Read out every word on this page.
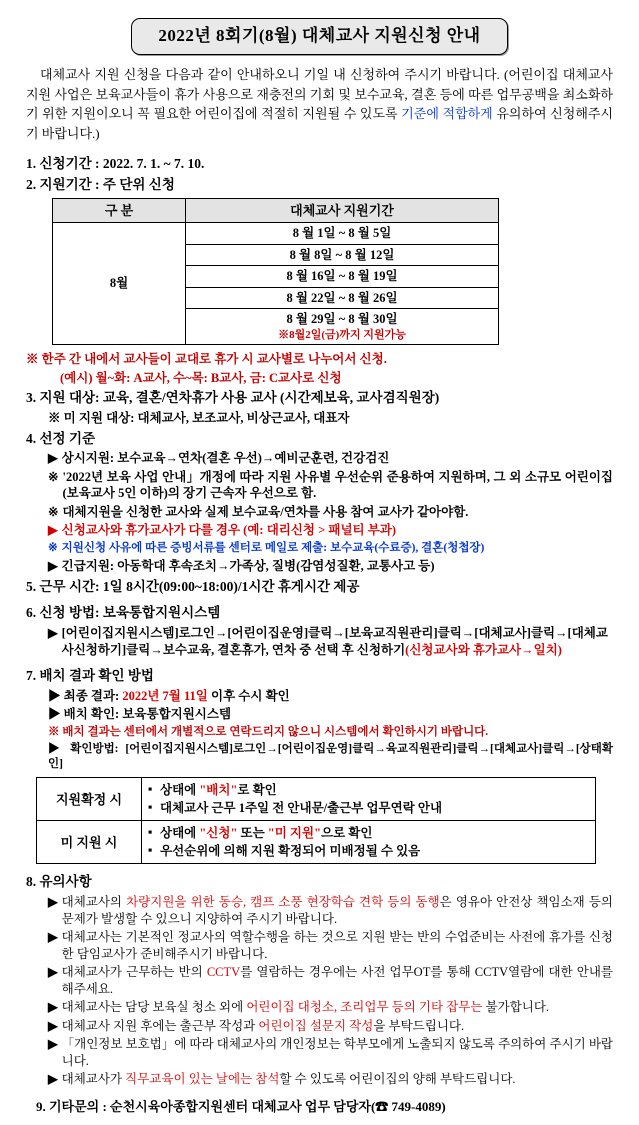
2022년 8회기(8월) 대체교사 지원신청 안내
대체교사 지원 신청을 다음과 같이 안내하오니 기일 내 신청하여 주시기 바랍니다. (어린이집 대체교사지원 사업은 보육교사들이 휴가 사용으로 재충전의 기회 및 보수교육, 결혼 등에 따른 업무공백을 최소화하기 위한 지원이오니 꼭 필요한 어린이집에 적절히 지원될 수 있도록 기준에 적합하게 유의하여 신청해주시기 바랍니다.)
1. 신청기간 : 2022. 7. 1. ~ 7. 10.
2. 지원기간 : 주 단위 신청
구 분	대체교사 지원기간
8월	8 월 1일 ~ 8 월 5일
	8 월 8일 ~ 8 월 12일
	8 월 16일 ~ 8 월 19일
	8 월 22일 ~ 8 월 26일
	8 월 29일 ~ 8 월 30일
※8월2일(금)까지 지원가능
※ 한주 간 내에서 교사들이 교대로 휴가 시 교사별로 나누어서 신청.
(예시) 월~화: A교사, 수~목: B교사, 금: C교사로 신청
3. 지원 대상: 교육, 결혼/연차휴가 사용 교사 (시간제보육, 교사겸직원장)
※ 미 지원 대상: 대체교사, 보조교사, 비상근교사, 대표자
4. 선정 기준
▶ 상시지원: 보수교육→연차(결혼 우선)→예비군훈련, 건강검진
※ '2022년 보육 사업 안내」개정에 따라 지원 사유별 우선순위 준용하여 지원하며, 그 외 소규모 어린이집(보육교사 5인 이하)의 장기 근속자 우선으로 함.
※ 대체지원을 신청한 교사와 실제 보수교육/연차를 사용 참여 교사가 같아야함.
▶ 신청교사와 휴가교사가 다를 경우 (예: 대리신청 > 패널티 부과)
※ 지원신청 사유에 따른 증빙서류를 센터로 메일로 제출: 보수교육(수료증), 결혼(청첩장)
▶ 긴급지원: 아동학대 후속조치→가족상, 질병(감염성질환, 교통사고 등)
5. 근무 시간: 1일 8시간(09:00~18:00)/1시간 휴게시간 제공
6. 신청 방법: 보육통합지원시스템
▶ [어린이집지원시스템]로그인→[어린이집운영]클릭→[보육교직원관리]클릭→[대체교사]클릭→[대체교사신청하기]클릭→보수교육, 결혼휴가, 연차 중 선택 후 신청하기(신청교사와 휴가교사→일치)
7. 배치 결과 확인 방법
▶ 최종 결과: 2022년 7월 11일 이후 수시 확인
▶ 배치 확인: 보육통합지원시스템
※ 배치 결과는 센터에서 개별적으로 연락드리지 않으니 시스템에서 확인하시기 바랍니다.
▶ 확인방법: [어린이집지원시스템]로그인→[어린이집운영]클릭→육교직원관리]클릭→[대체교사]클릭→[상태확인]
지원확정 시	
▪ 상태에 "배치"로 확인
▪ 대체교사 근무 1주일 전 안내문/출근부 업무연락 안내

미 지원 시	
▪ 상태에 "신청" 또는 "미 지원"으로 확인
▪ 우선순위에 의해 지원 확정되어 미배정될 수 있음
8. 유의사항
▶ 대체교사의 차량지원을 위한 동승, 캠프 소풍 현장학습 견학 등의 동행은 영유아 안전상 책임소재 등의 문제가 발생할 수 있으니 지양하여 주시기 바랍니다.
▶ 대체교사는 기본적인 정교사의 역할수행을 하는 것으로 지원 받는 반의 수업준비는 사전에 휴가를 신청한 담임교사가 준비해주시기 바랍니다.
▶ 대체교사가 근무하는 반의 CCTV를 열람하는 경우에는 사전 업무OT를 통해 CCTV열람에 대한 안내를 해주세요.
▶ 대체교사는 담당 보육실 청소 외에 어린이집 대청소, 조리업무 등의 기타 잡무는 불가합니다.
▶ 대체교사 지원 후에는 출근부 작성과 어린이집 설문지 작성을 부탁드립니다.
▶ 「개인정보 보호법」에 따라 대체교사의 개인정보는 학부모에게 노출되지 않도록 주의하여 주시기 바랍니다.
▶ 대체교사가 직무교육이 있는 날에는 참석할 수 있도록 어린이집의 양해 부탁드립니다.
9. 기타문의 : 순천시육아종합지원센터 대체교사 업무 담당자(☎ 749-4089)
